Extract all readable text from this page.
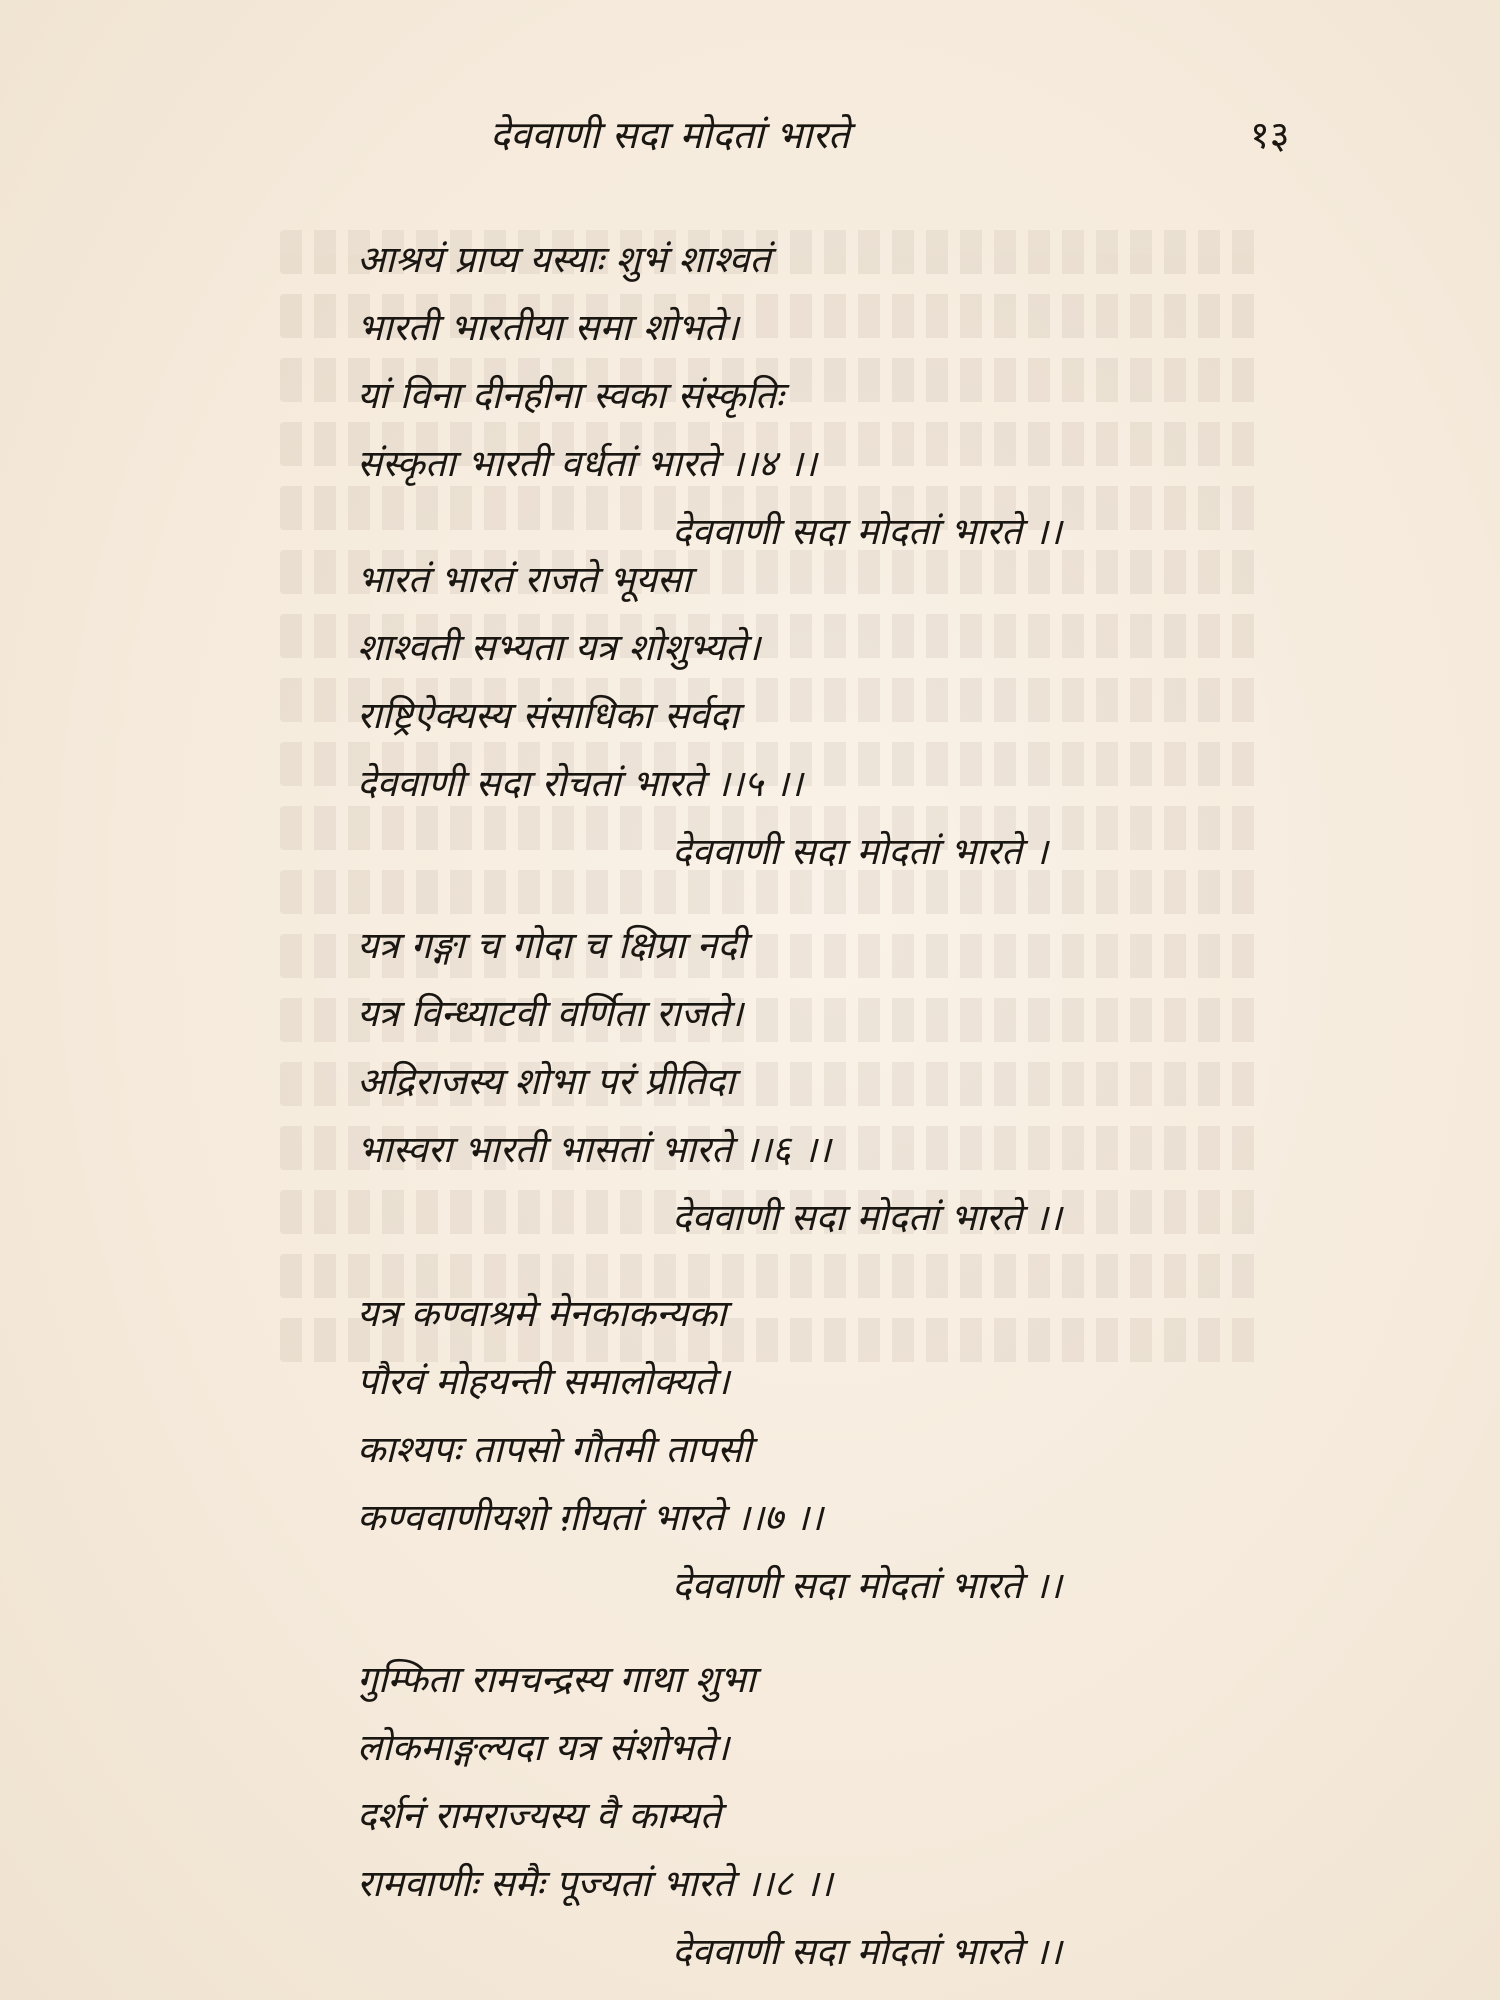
देववाणी सदा मोदतां भारते	१३
आश्रयं प्राप्य यस्याः शुभं शाश्वतं
भारती भारतीया समा शोभते।
यां विना दीनहीना स्वका संस्कृतिः
संस्कृता भारती वर्धतां भारते ।।४ ।।
देववाणी सदा मोदतां भारते ।।
भारतं भारतं राजते भूयसा
शाश्वती सभ्यता यत्र शोशुभ्यते।
राष्ट्रिऐक्यस्य संसाधिका सर्वदा
देववाणी सदा रोचतां भारते ।।५ ।।
देववाणी सदा मोदतां भारते ।
यत्र गङ्गा च गोदा च क्षिप्रा नदी
यत्र विन्ध्याटवी वर्णिता राजते।
अद्रिराजस्य शोभा परं प्रीतिदा
भास्वरा भारती भासतां भारते ।।६ ।।
देववाणी सदा मोदतां भारते ।।
यत्र कण्वाश्रमे मेनकाकन्यका
पौरवं मोहयन्ती समालोक्यते।
काश्यपः तापसो गौतमी तापसी
कण्ववाणीयशो ग़ीयतां भारते ।।७ ।।
देववाणी सदा मोदतां भारते ।।
गुम्फिता रामचन्द्रस्य गाथा शुभा
लोकमाङ्गल्यदा यत्र संशोभते।
दर्शनं रामराज्यस्य वै काम्यते
रामवाणीः समैः पूज्यतां भारते ।।८ ।।
देववाणी सदा मोदतां भारते ।।
